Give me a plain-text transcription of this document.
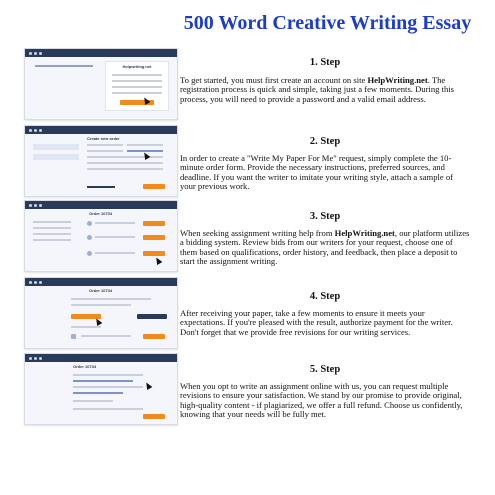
500 Word Creative Writing Essay
Helpwriting.net	1. Step
To get started, you must first create an account on site HelpWriting.net. The registration process is quick and simple, taking just a few moments. During this process, you will need to provide a password and a valid email address.
Create new order	2. Step
In order to create a "Write My Paper For Me" request, simply complete the 10-minute order form. Provide the necessary instructions, preferred sources, and deadline. If you want the writer to imitate your writing style, attach a sample of your previous work.
Order 10734	3. Step
When seeking assignment writing help from HelpWriting.net, our platform utilizes a bidding system. Review bids from our writers for your request, choose one of them based on qualifications, order history, and feedback, then place a deposit to start the assignment writing.
Order 10734
4. Step
After receiving your paper, take a few moments to ensure it meets your expectations. If you're pleased with the result, authorize payment for the writer. Don't forget that we provide free revisions for our writing services.
Order 10734	5. Step
When you opt to write an assignment online with us, you can request multiple revisions to ensure your satisfaction. We stand by our promise to provide original, high-quality content - if plagiarized, we offer a full refund. Choose us confidently, knowing that your needs will be fully met.
